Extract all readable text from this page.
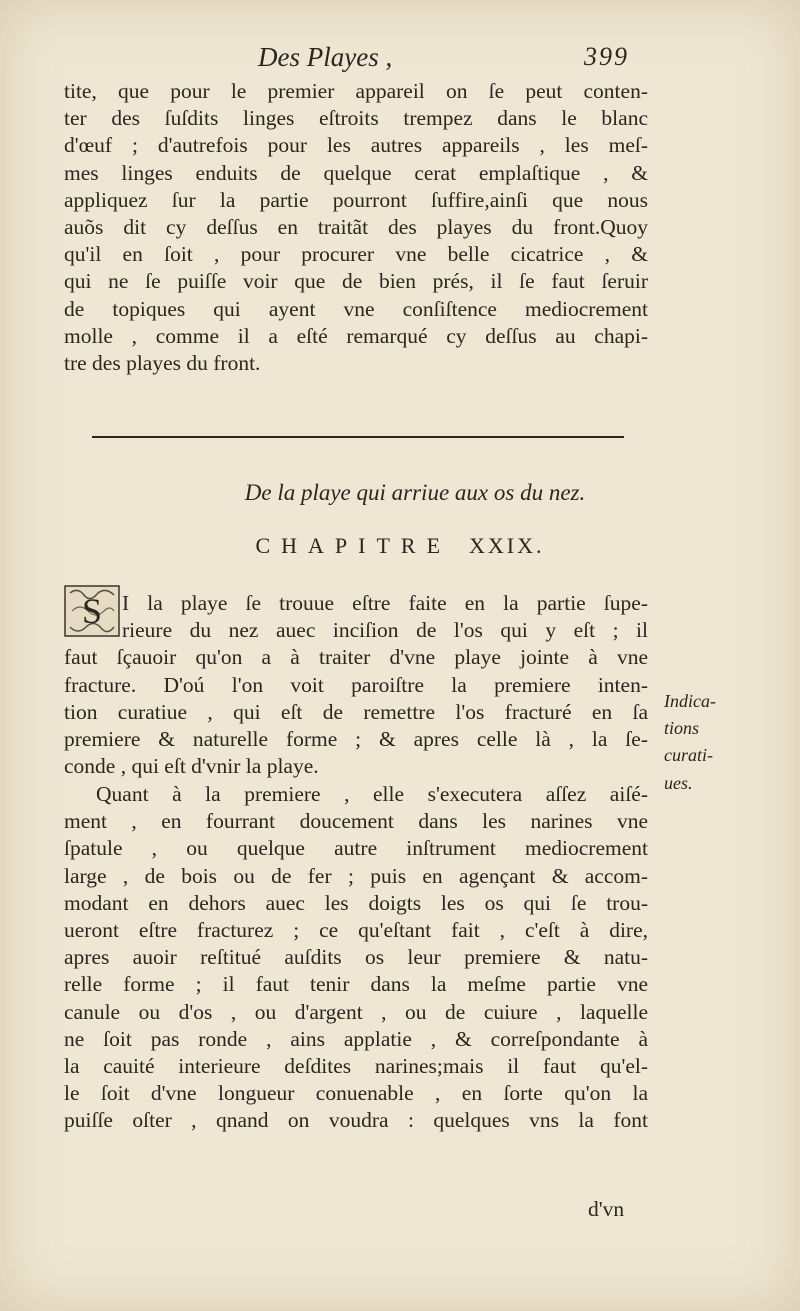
Des Playes ,	399
tite, que pour le premier appareil on ſe peut conten-
ter des ſuſdits linges eſtroits trempez dans le blanc
d'œuf ; d'autrefois pour les autres appareils , les meſ-
mes linges enduits de quelque cerat emplaſtique , &
appliquez ſur la partie pourront ſuffire,ainſi que nous
auõs dit cy deſſus en traitãt des playes du front.Quoy
qu'il en ſoit , pour procurer vne belle cicatrice , &
qui ne ſe puiſſe voir que de bien prés, il ſe faut ſeruir
de topiques qui ayent vne conſiſtence mediocrement
molle , comme il a eſté remarqué cy deſſus au chapi-
tre des playes du front.
De la playe qui arriue aux os du nez.
CHAPITRE XXIX.
S I la playe ſe trouue eſtre faite en la partie ſupe-
rieure du nez auec inciſion de l'os qui y eſt ; il
faut ſçauoir qu'on a à traiter d'vne playe jointe à vne
fracture. D'oú l'on voit paroiſtre la premiere inten-
tion curatiue , qui eſt de remettre l'os fracturé en ſa
premiere & naturelle forme ; & apres celle là , la ſe-
conde , qui eſt d'vnir la playe.
Indica-
tions
curati-
ues.
Quant à la premiere , elle s'executera aſſez aiſé-
ment , en fourrant doucement dans les narines vne
ſpatule , ou quelque autre inſtrument mediocrement
large , de bois ou de fer ; puis en agençant & accom-
modant en dehors auec les doigts les os qui ſe trou-
ueront eſtre fracturez ; ce qu'eſtant fait , c'eſt à dire,
apres auoir reſtitué auſdits os leur premiere & natu-
relle forme ; il faut tenir dans la meſme partie vne
canule ou d'os , ou d'argent , ou de cuiure , laquelle
ne ſoit pas ronde , ains applatie , & correſpondante à
la cauité interieure deſdites narines;mais il faut qu'el-
le ſoit d'vne longueur conuenable , en ſorte qu'on la
puiſſe oſter , qnand on voudra : quelques vns la font
d'vn
